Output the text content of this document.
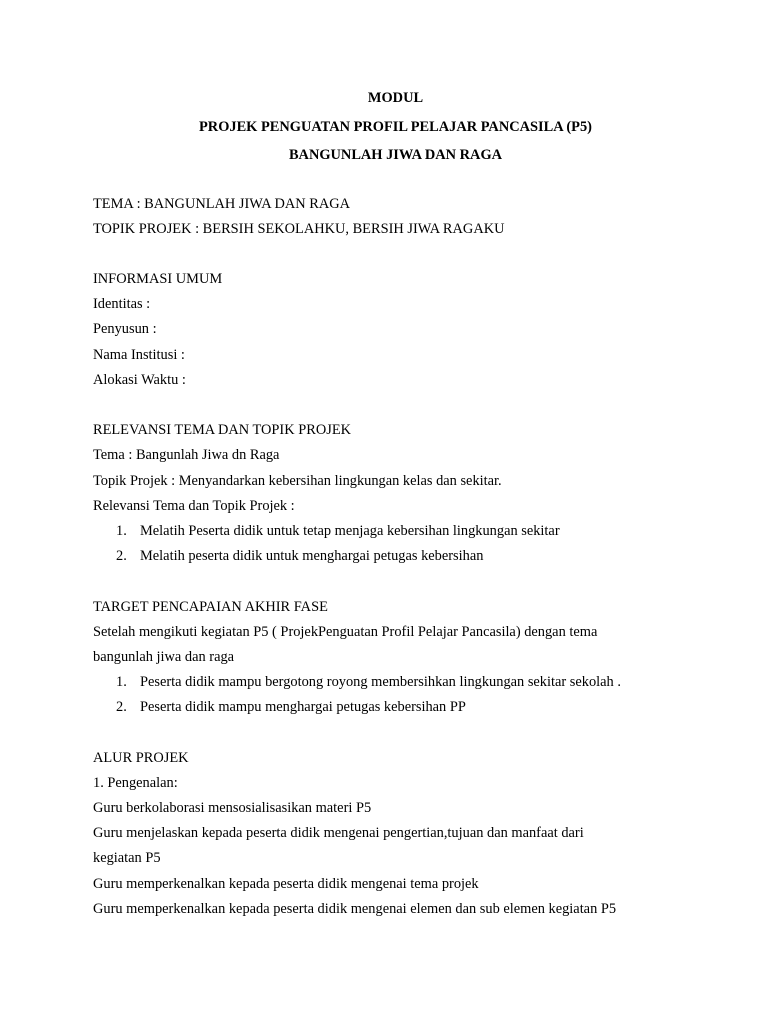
MODUL
PROJEK PENGUATAN PROFIL PELAJAR PANCASILA (P5)
BANGUNLAH JIWA DAN RAGA
TEMA : BANGUNLAH JIWA DAN RAGA
TOPIK PROJEK : BERSIH SEKOLAHKU, BERSIH JIWA RAGAKU
INFORMASI UMUM
Identitas :
Penyusun :
Nama Institusi :
Alokasi Waktu :
RELEVANSI TEMA DAN TOPIK PROJEK
Tema : Bangunlah Jiwa dn Raga
Topik Projek : Menyandarkan kebersihan lingkungan kelas dan sekitar.
Relevansi Tema dan Topik Projek :
1. Melatih Peserta didik untuk tetap menjaga kebersihan lingkungan sekitar
2. Melatih peserta didik untuk menghargai petugas kebersihan
TARGET PENCAPAIAN AKHIR FASE
Setelah mengikuti kegiatan P5 ( ProjekPenguatan Profil Pelajar Pancasila) dengan tema
bangunlah jiwa dan raga
1. Peserta didik mampu bergotong royong membersihkan lingkungan sekitar sekolah .
2. Peserta didik mampu menghargai petugas kebersihan PP
ALUR PROJEK
1. Pengenalan:
Guru berkolaborasi mensosialisasikan materi P5
Guru menjelaskan kepada peserta didik mengenai pengertian,tujuan dan manfaat dari
kegiatan P5
Guru memperkenalkan kepada peserta didik mengenai tema projek
Guru memperkenalkan kepada peserta didik mengenai elemen dan sub elemen kegiatan P5
